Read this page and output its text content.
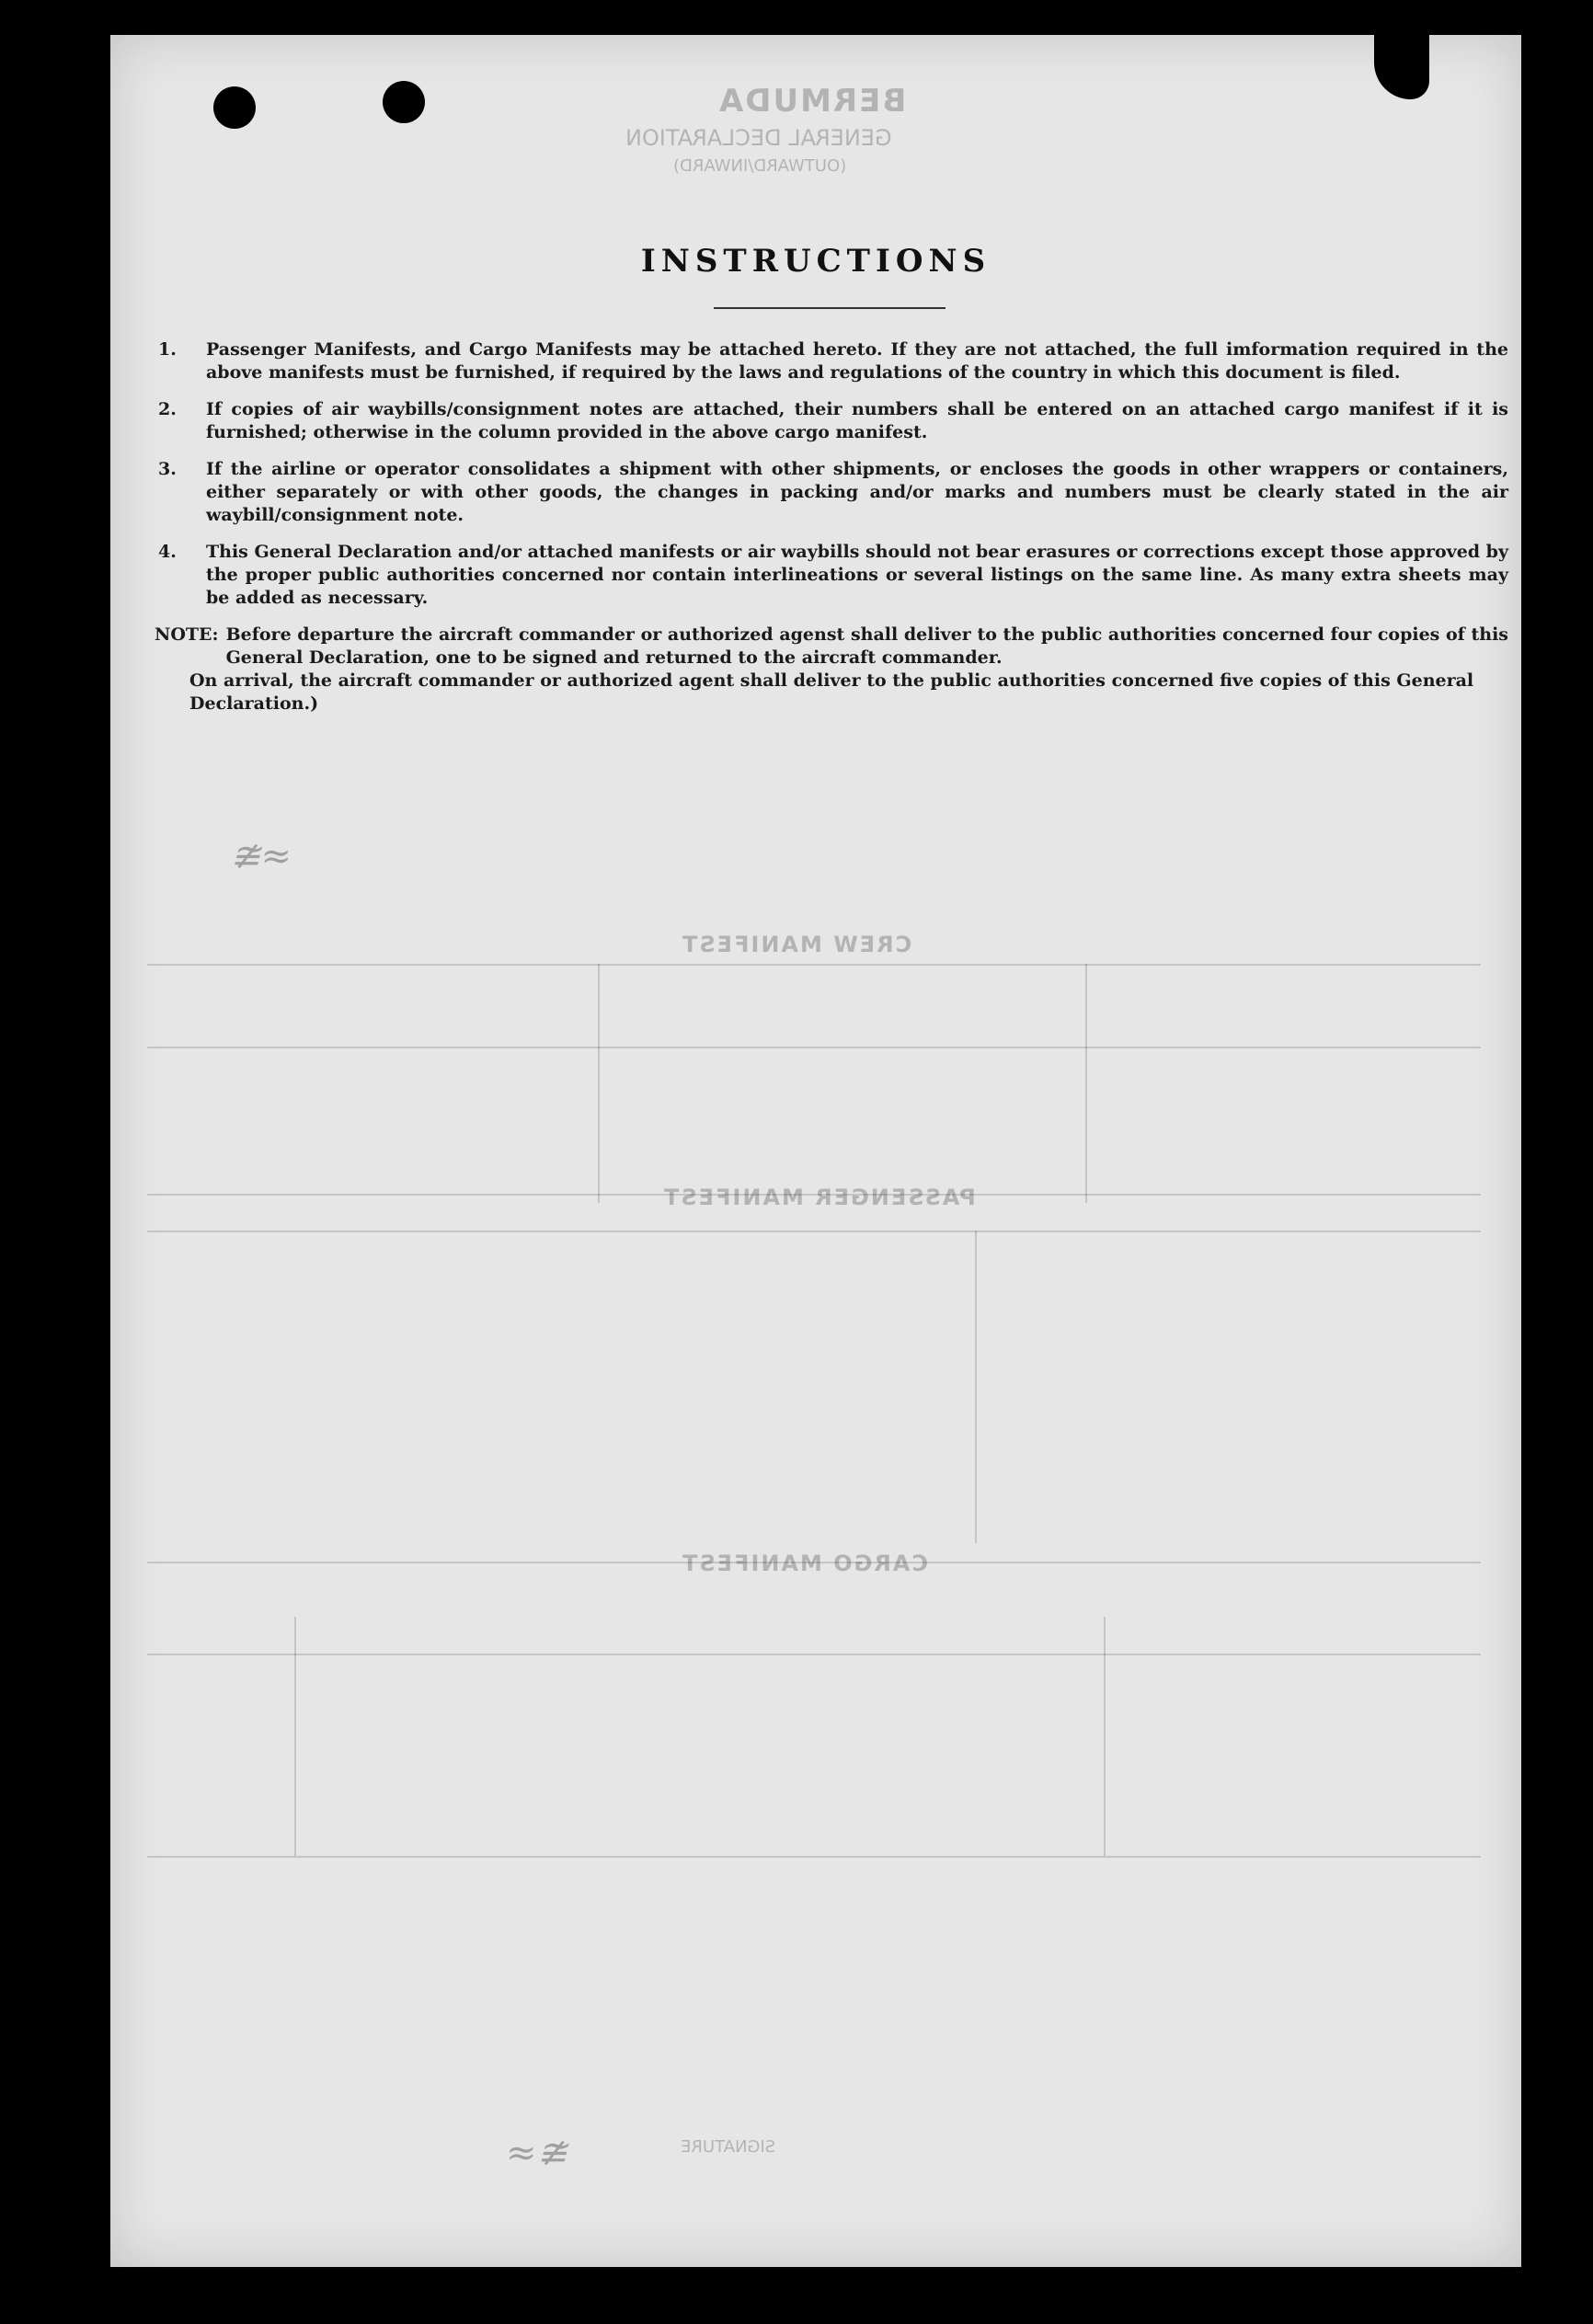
BERMUDA
GENERAL DECLARATION
(OUTWARD/INWARD)
CREW MANIFEST
PASSENGER MANIFEST
CARGO MANIFEST
SIGNATURE
≇≈
≈≇
INSTRUCTIONS
1.	Passenger Manifests, and Cargo Manifests may be attached hereto. If they are not attached, the full imformation required in the above manifests must be furnished, if required by the laws and regulations of the country in which this document is filed.
2.	If copies of air waybills/consignment notes are attached, their numbers shall be entered on an attached cargo manifest if it is furnished; otherwise in the column provided in the above cargo manifest.
3.	If the airline or operator consolidates a shipment with other shipments, or encloses the goods in other wrappers or containers, either separately or with other goods, the changes in packing and/or marks and numbers must be clearly stated in the air waybill/consignment note.
4.	This General Declaration and/or attached manifests or air waybills should not bear erasures or corrections except those approved by the proper public authorities concerned nor contain interlineations or several listings on the same line. As many extra sheets may be added as necessary.
NOTE: Before departure the aircraft commander or authorized agenst shall deliver to the public authorities concerned four copies of this General Declaration, one to be signed and returned to the aircraft commander.
On arrival, the aircraft commander or authorized agent shall deliver to the public authorities concerned five copies of this General Declaration.)
